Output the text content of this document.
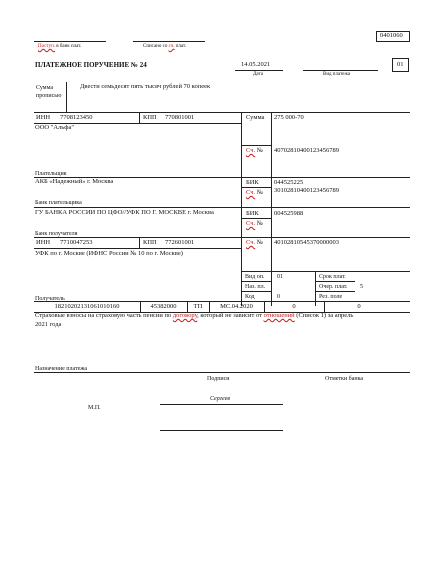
0401060
Поступ. в банк плат.	Списано со сч. плат.
ПЛАТЕЖНОЕ ПОРУЧЕНИЕ № 24	14.05.2021
Дата	Вид платежа
01
Сумма
прописью
Двести семьдесят пять тысяч рублей 70 копеек
ИНН 7708123450	КПП 770801001
ООО "Альфа"
Плательщик
Сумма 275 000-70
Сч. № 40702810400123456789
АКБ «Надежный» г. Москва	БИК 044525225
Сч. № 30102810400123456789
Банк плательщика
ГУ БАНКА РОССИИ ПО ЦФО//УФК ПО Г. МОСКВЕ г. Москва	БИК 004525988
Сч. №
Банк получателя
ИНН 7710047253	КПП 772601001	Сч. № 40102810545370000003
УФК по г. Москве (ИФНС России № 10 по г. Москве)
Вид оп. 01	Срок плат.
Наз. пл.	Очер. плат. 5
Код	0	Рез. поле
Получатель
18210202131061010160	45382000	ТП	МС.04.2020	0	0
Страховые взносы на страховую часть пенсии по договору, который не зависит от отношений (Список 1) за апрель
2021 года
Назначение платежа
Подписи	Отметки банка
Сергеев
М.П.
